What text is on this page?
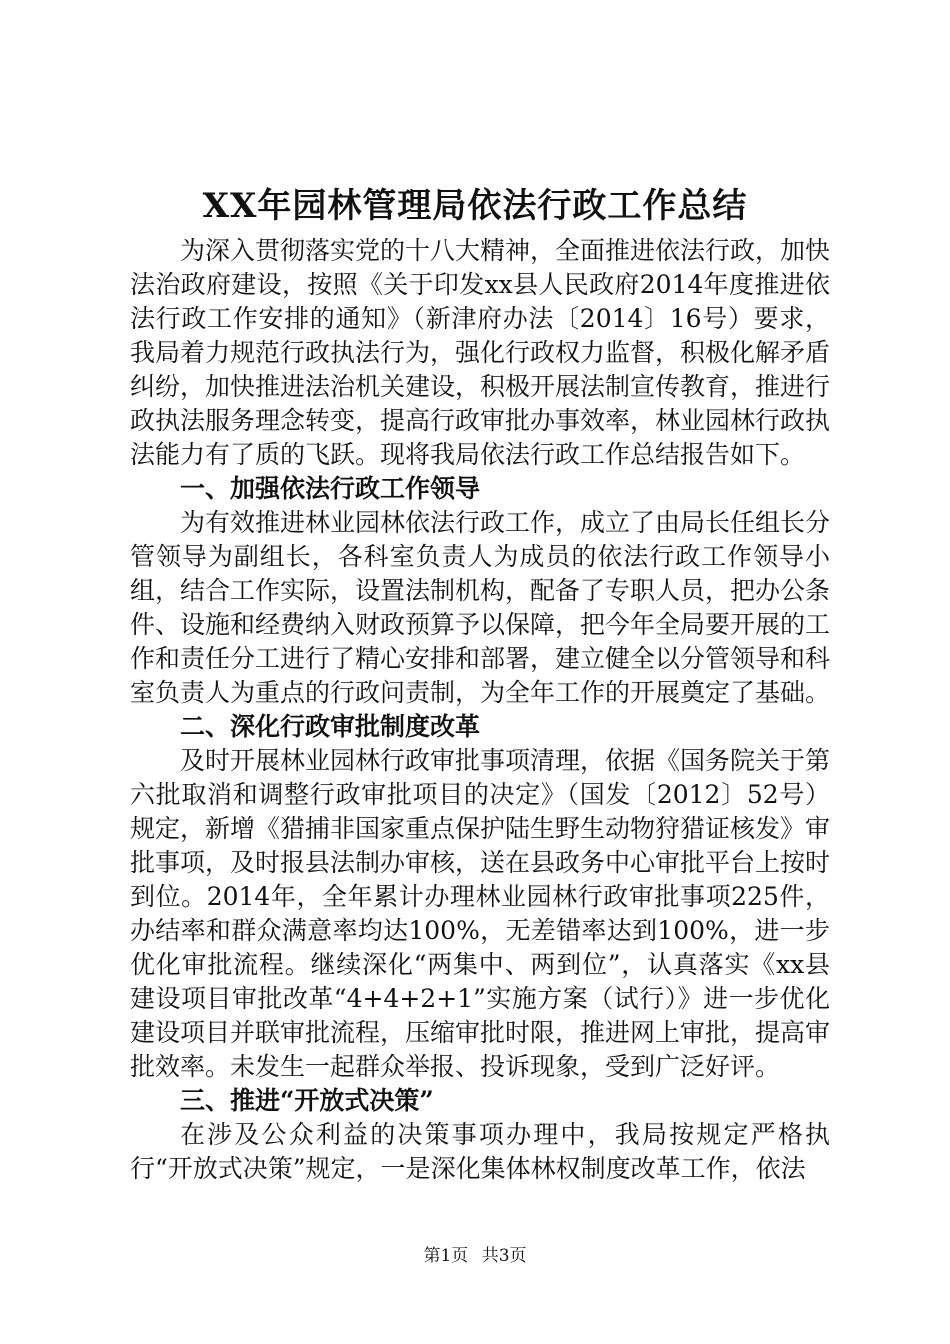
XX年园林管理局依法行政工作总结

为深入贯彻落实党的十八大精神，全面推进依法行政，加快法治政府建设，按照《关于印发xx县人民政府2014年度推进依法行政工作安排的通知》（新津府办法〔2014〕16号）要求，我局着力规范行政执法行为，强化行政权力监督，积极化解矛盾纠纷，加快推进法治机关建设，积极开展法制宣传教育，推进行政执法服务理念转变，提高行政审批办事效率，林业园林行政执法能力有了质的飞跃。现将我局依法行政工作总结报告如下。

一、加强依法行政工作领导

为有效推进林业园林依法行政工作，成立了由局长任组长分管领导为副组长，各科室负责人为成员的依法行政工作领导小组，结合工作实际，设置法制机构，配备了专职人员，把办公条件、设施和经费纳入财政预算予以保障，把今年全局要开展的工作和责任分工进行了精心安排和部署，建立健全以分管领导和科室负责人为重点的行政问责制，为全年工作的开展奠定了基础。

二、深化行政审批制度改革

及时开展林业园林行政审批事项清理，依据《国务院关于第六批取消和调整行政审批项目的决定》（国发〔2012〕52号）规定，新增《猎捕非国家重点保护陆生野生动物狩猎证核发》审批事项，及时报县法制办审核，送在县政务中心审批平台上按时到位。2014年，全年累计办理林业园林行政审批事项225件，办结率和群众满意率均达100%，无差错率达到100%，进一步优化审批流程。继续深化“两集中、两到位”，认真落实《xx县建设项目审批改革“4+4+2+1”实施方案（试行）》进一步优化建设项目并联审批流程，压缩审批时限，推进网上审批，提高审批效率。未发生一起群众举报、投诉现象，受到广泛好评。

三、推进“开放式决策”

在涉及公众利益的决策事项办理中，我局按规定严格执行“开放式决策”规定，一是深化集体林权制度改革工作，依法

第1页 共3页
